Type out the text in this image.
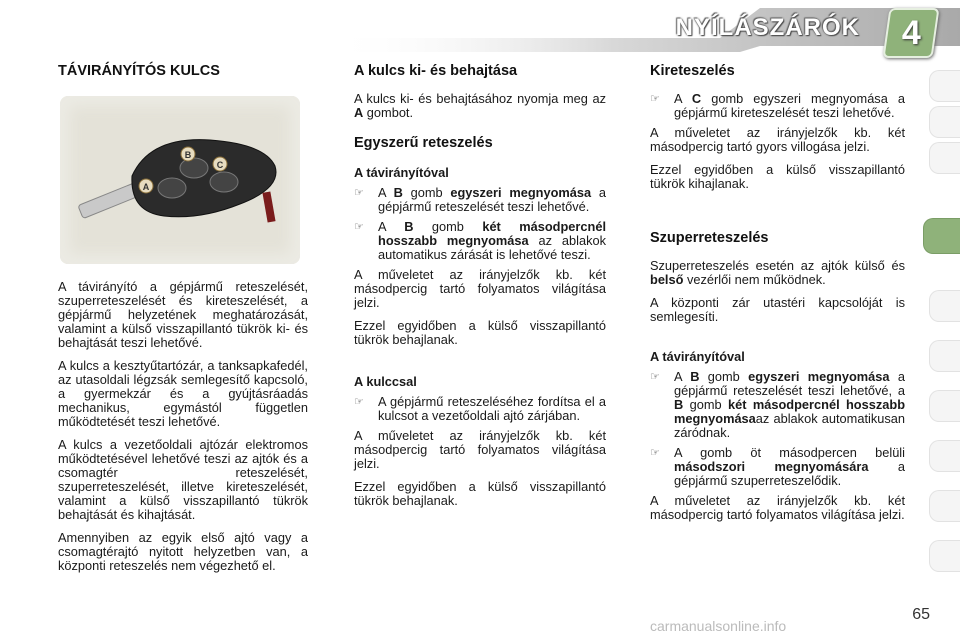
NYÍLÁSZÁRÓK 4
TÁVIRÁNYÍTÓS KULCS
B
C
A

A távirányító a gépjármű reteszelését, szuperreteszelését és kireteszelését, a gépjármű helyzetének meghatározását, valamint a külső visszapillantó tükrök ki- és behajtását teszi lehetővé.

A kulcs a kesztyűtartózár, a tanksapkafedél, az utasoldali légzsák semlegesítő kapcsoló, a gyermekzár és a gyújtásráadás mechanikus, egymástól független működtetését teszi lehetővé.

A kulcs a vezetőoldali ajtózár elektromos működtetésével lehetővé teszi az ajtók és a csomagtér reteszelését, szuperreteszelését, illetve kireteszelését, valamint a külső visszapillantó tükrök behajtását és kihajtását.

Amennyiben az egyik első ajtó vagy a csomagtérajtó nyitott helyzetben van, a központi reteszelés nem végezhető el.

A kulcs ki- és behajtása

A kulcs ki- és behajtásához nyomja meg az A gombot.

Egyszerű reteszelés
A távirányítóval
☞	A B gomb egyszeri megnyomása a gépjármű reteszelését teszi lehetővé.
☞	A B gomb két másodpercnél hosszabb megnyomása az ablakok automatikus zárását is lehetővé teszi.

A műveletet az irányjelzők kb. két másodpercig tartó folyamatos világítása jelzi.

Ezzel egyidőben a külső visszapillantó tükrök behajlanak.

A kulccsal
☞	A gépjármű reteszeléséhez fordítsa el a kulcsot a vezetőoldali ajtó zárjában.

A műveletet az irányjelzők kb. két másodpercig tartó folyamatos világítása jelzi.

Ezzel egyidőben a külső visszapillantó tükrök behajlanak.

Kireteszelés
☞	A C gomb egyszeri megnyomása a gépjármű kireteszelését teszi lehetővé.

A műveletet az irányjelzők kb. két másodpercig tartó gyors villogása jelzi.

Ezzel egyidőben a külső visszapillantó tükrök kihajlanak.

Szuperreteszelés

Szuperreteszelés esetén az ajtók külső és belső vezérlői nem működnek.

A központi zár utastéri kapcsolóját is semlegesíti.

A távirányítóval
☞	A B gomb egyszeri megnyomása a gépjármű reteszelését teszi lehetővé, a B gomb két másodpercnél hosszabb megnyomásaaz ablakok automatikusan záródnak.
☞	A gomb öt másodpercen belüli másodszori megnyomására a gépjármű szuperreteszelődik.

A műveletet az irányjelzők kb. két másodpercig tartó folyamatos világítása jelzi.

65
carmanualsonline.info
